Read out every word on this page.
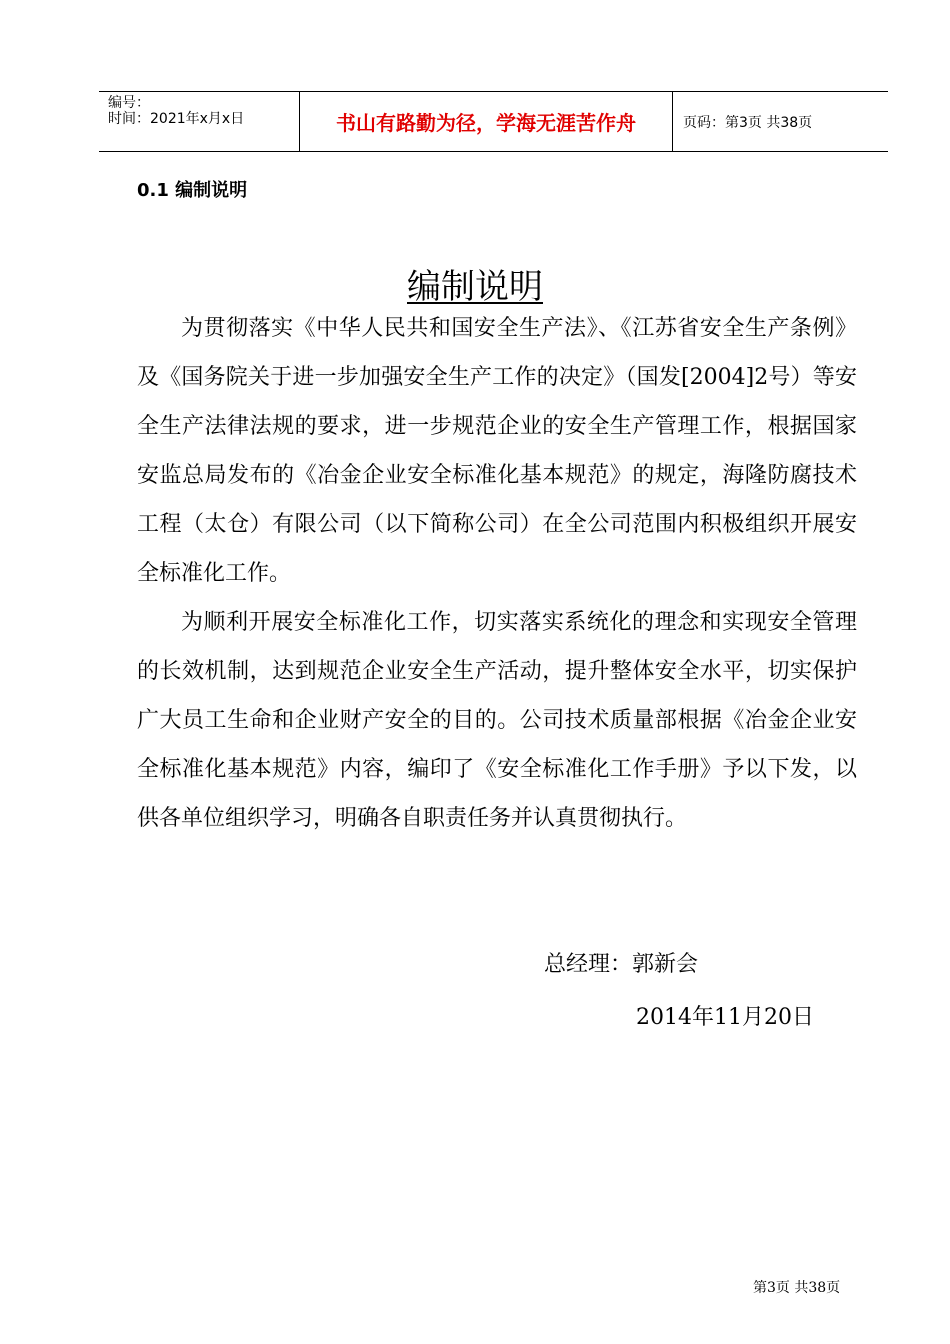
编号：
时间：2021年x月x日	书山有路勤为径，学海无涯苦作舟	页码：第3页 共38页
0.1 编制说明
编制说明

为贯彻落实《中华人民共和国安全生产法》、《江苏省安全生产条例》及《国务院关于进一步加强安全生产工作的决定》（国发[2004]2号）等安全生产法律法规的要求，进一步规范企业的安全生产管理工作，根据国家安监总局发布的《冶金企业安全标准化基本规范》的规定，海隆防腐技术工程（太仓）有限公司（以下简称公司）在全公司范围内积极组织开展安全标准化工作。

为顺利开展安全标准化工作，切实落实系统化的理念和实现安全管理的长效机制，达到规范企业安全生产活动，提升整体安全水平，切实保护广大员工生命和企业财产安全的目的。公司技术质量部根据《冶金企业安全标准化基本规范》内容，编印了《安全标准化工作手册》予以下发，以供各单位组织学习，明确各自职责任务并认真贯彻执行。

总经理：郭新会
2014年11月20日
第3页 共38页
